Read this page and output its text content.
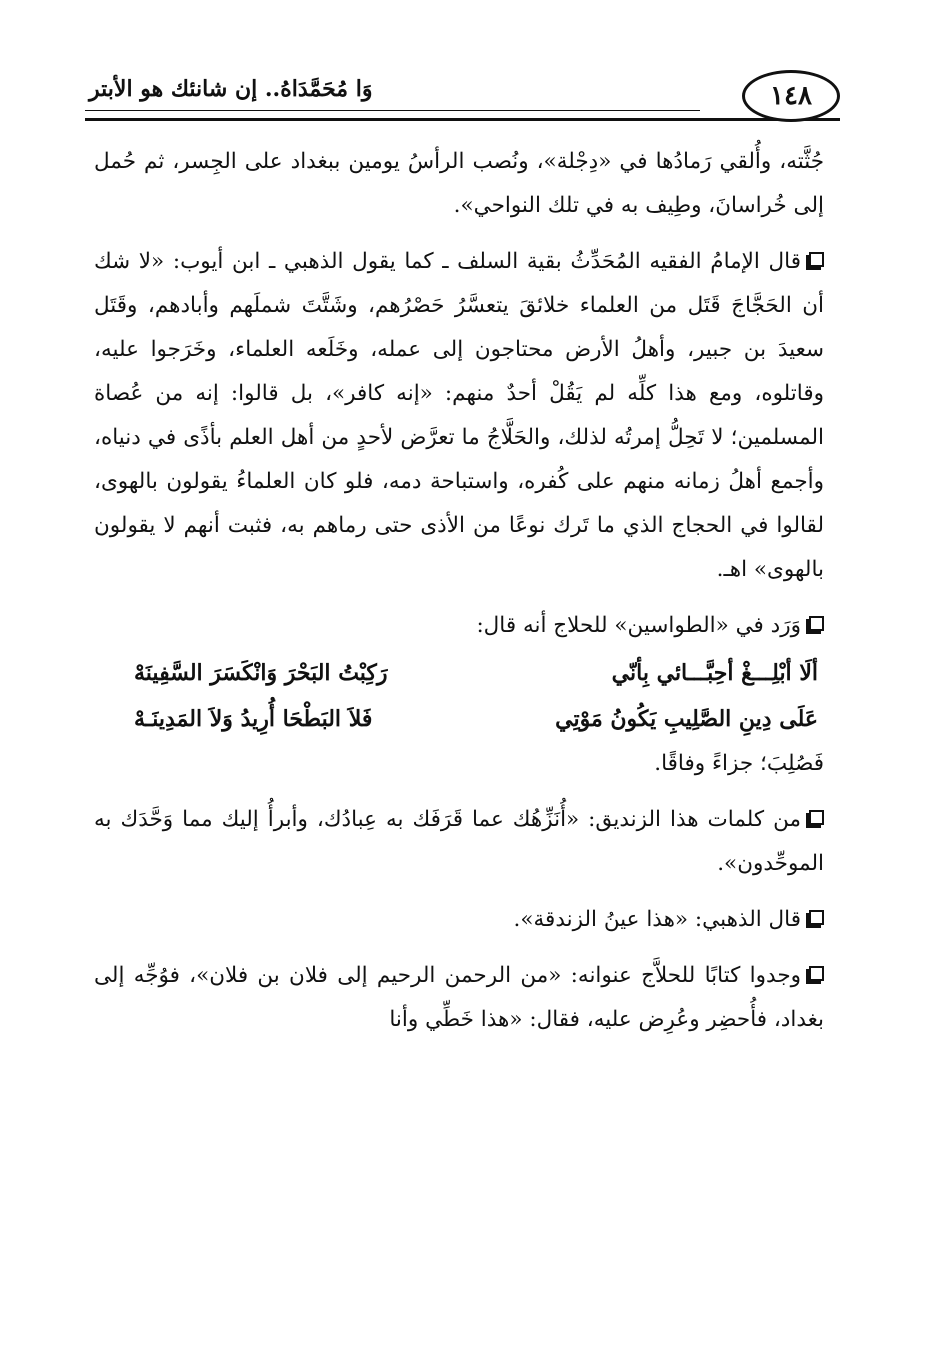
وَا مُحَمَّدَاهُ.. إن شانئك هو الأبتر	١٤٨

جُثَّته، وأُلقي رَمادُها في «دِجْلة»، ونُصب الرأسُ يومين ببغداد على الجِسر، ثم حُمل إلى خُراسانَ، وطِيف به في تلك النواحي».

قال الإمامُ الفقيه المُحَدِّثُ بقية السلف ـ كما يقول الذهبي ـ ابن أيوب: «لا شك أن الحَجَّاجَ قَتَل من العلماء خلائقَ يتعسَّرُ حَصْرُهم، وشَتَّتَ شملَهم وأبادهم، وقَتَل سعيدَ بن جبير، وأهلُ الأرض محتاجون إلى عمله، وخَلَعه العلماء، وخَرَجوا عليه، وقاتلوه، ومع هذا كلِّه لم يَقُلْ أحدٌ منهم: «إنه كافر»، بل قالوا: إنه من عُصاة المسلمين؛ لا تَحِلُّ إمرتُه لذلك، والحَلَّاجُ ما تعرَّض لأحدٍ من أهل العلم بأذًى في دنياه، وأجمع أهلُ زمانه منهم على كُفره، واستباحة دمه، فلو كان العلماءُ يقولون بالهوى، لقالوا في الحجاج الذي ما تَرك نوعًا من الأذى حتى رماهم به، فثبت أنهم لا يقولون بالهوى» اهـ.

وَرَد في «الطواسين» للحلاج أنه قال:

ألَا أبْلِـــغْ أحِبَّـــائي بِأنّي
رَكِبْتُ البَحْرَ وَانْكَسَرَ السَّفِينَهْ
عَلَى دِينِ الصَّلِيبِ يَكُونُ مَوْتِي
فَلاَ البَطْحَا أُرِيدُ وَلاَ المَدِينَـهْ

فَصُلِبَ؛ جزاءً وفاقًا.

من كلمات هذا الزنديق: «أُنَزِّهُك عما قَرَفَك به عِبادُك، وأبرأُ إليك مما وَحَّدَك به الموحِّدون».

قال الذهبي: «هذا عينُ الزندقة».

وجدوا كتابًا للحلاَّج عنوانه: «من الرحمن الرحيم إلى فلان بن فلان»، فوُجِّه إلى بغداد، فأُحضِر وعُرِض عليه، فقال: «هذا خَطِّي وأنا
